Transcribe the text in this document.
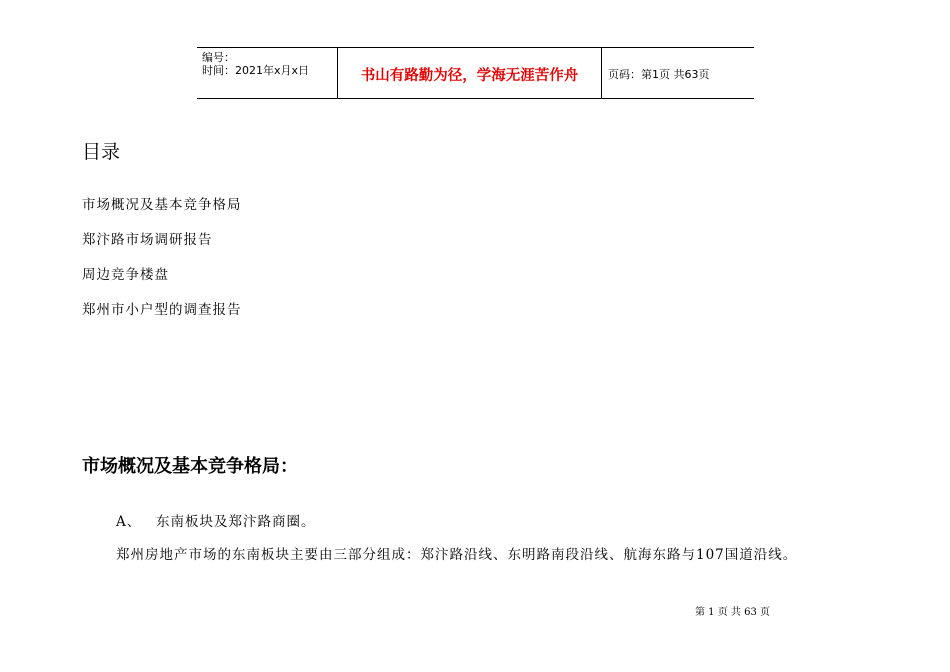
编号：
时间：2021年x月x日	书山有路勤为径，学海无涯苦作舟	页码：第1页 共63页
目录
市场概况及基本竞争格局
郑汴路市场调研报告
周边竞争楼盘
郑州市小户型的调查报告
市场概况及基本竞争格局：
A、 东南板块及郑汴路商圈。
郑州房地产市场的东南板块主要由三部分组成：郑汴路沿线、东明路南段沿线、航海东路与107国道沿线。
第 1 页 共 63 页
